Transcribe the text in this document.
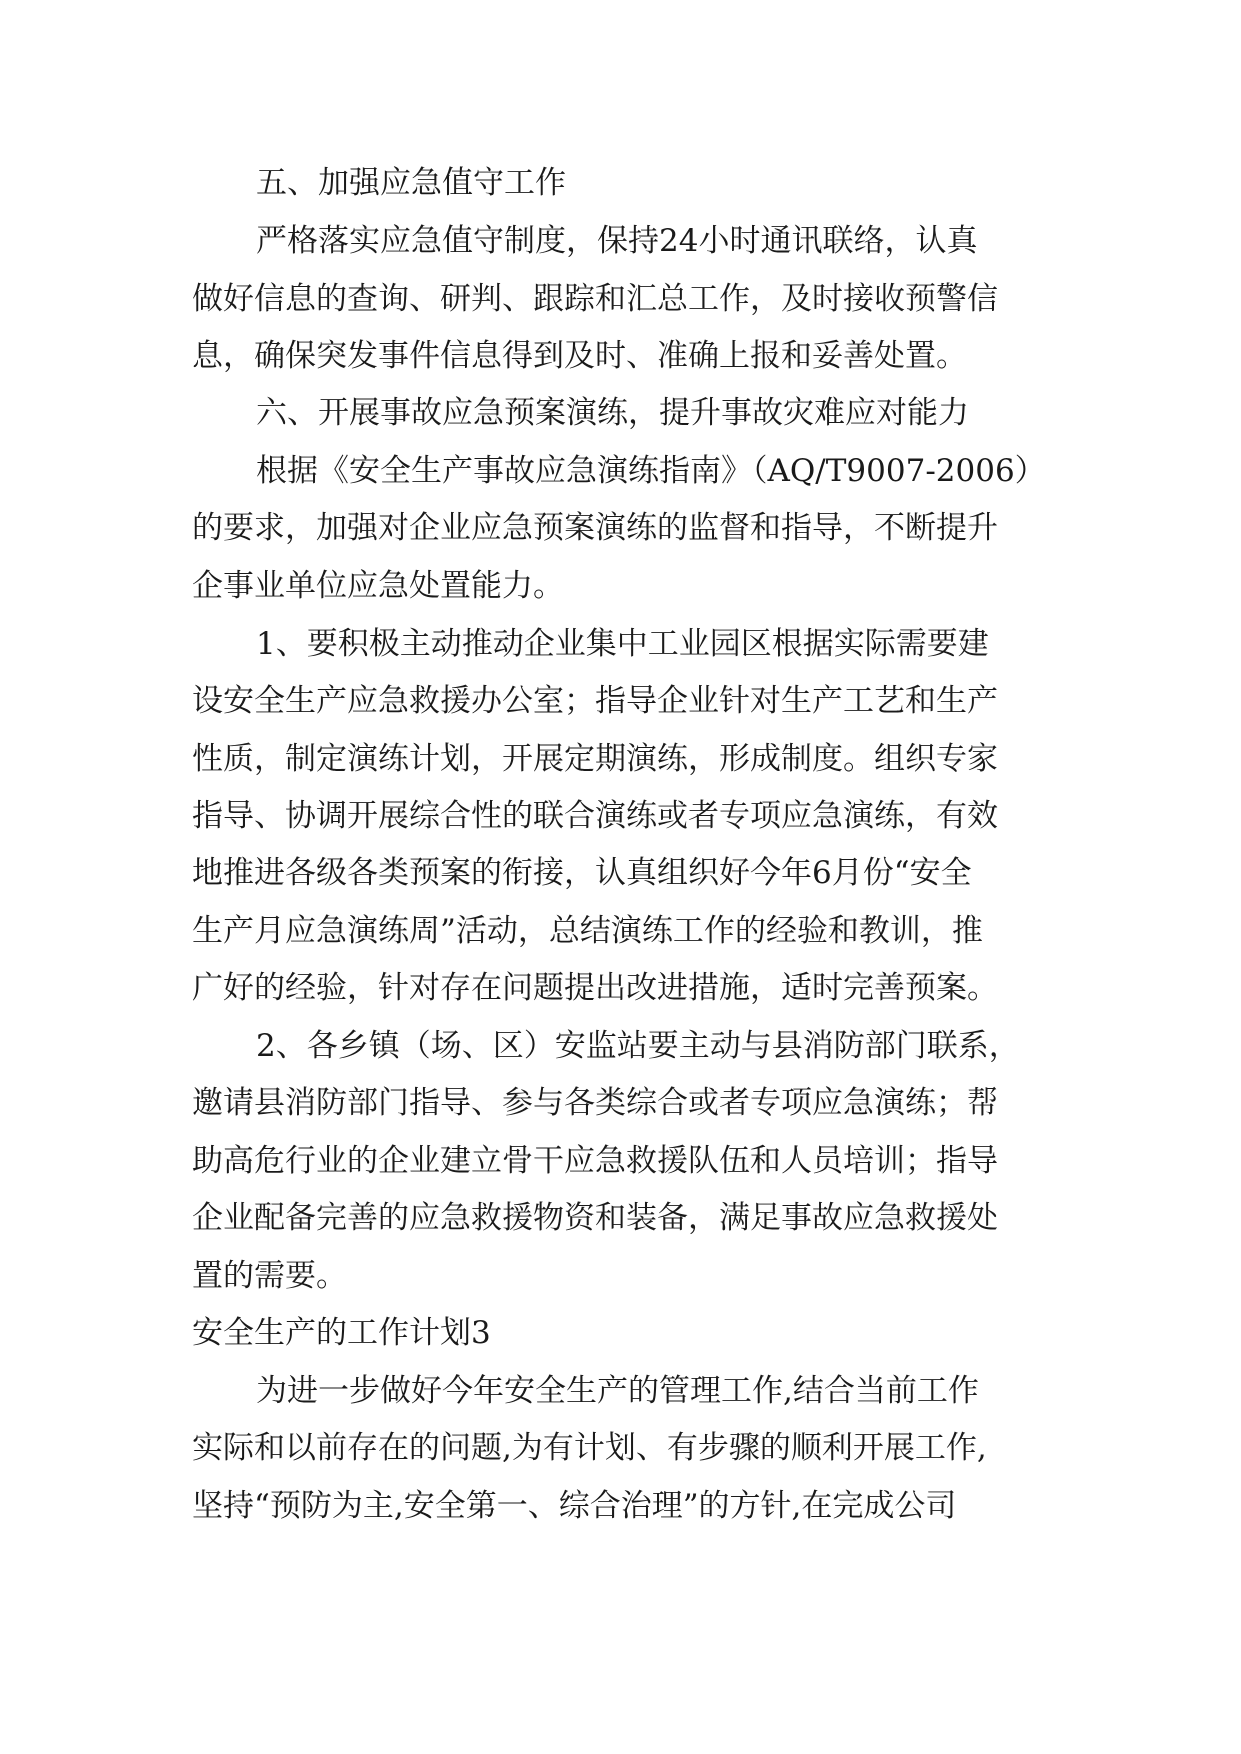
五、加强应急值守工作

严格落实应急值守制度，保持24小时通讯联络，认真

做好信息的查询、研判、跟踪和汇总工作，及时接收预警信

息，确保突发事件信息得到及时、准确上报和妥善处置。

六、开展事故应急预案演练，提升事故灾难应对能力

根据《安全生产事故应急演练指南》（AQ/T9007-2006）

的要求，加强对企业应急预案演练的监督和指导，不断提升

企事业单位应急处置能力。

1、要积极主动推动企业集中工业园区根据实际需要建

设安全生产应急救援办公室；指导企业针对生产工艺和生产

性质，制定演练计划，开展定期演练，形成制度。组织专家

指导、协调开展综合性的联合演练或者专项应急演练，有效

地推进各级各类预案的衔接，认真组织好今年6月份“安全

生产月应急演练周”活动，总结演练工作的经验和教训，推

广好的经验，针对存在问题提出改进措施，适时完善预案。

2、各乡镇（场、区）安监站要主动与县消防部门联系，

邀请县消防部门指导、参与各类综合或者专项应急演练；帮

助高危行业的企业建立骨干应急救援队伍和人员培训；指导

企业配备完善的应急救援物资和装备，满足事故应急救援处

置的需要。

安全生产的工作计划3

为进一步做好今年安全生产的管理工作,结合当前工作

实际和以前存在的问题,为有计划、有步骤的顺利开展工作,

坚持“预防为主,安全第一、综合治理”的方针,在完成公司
